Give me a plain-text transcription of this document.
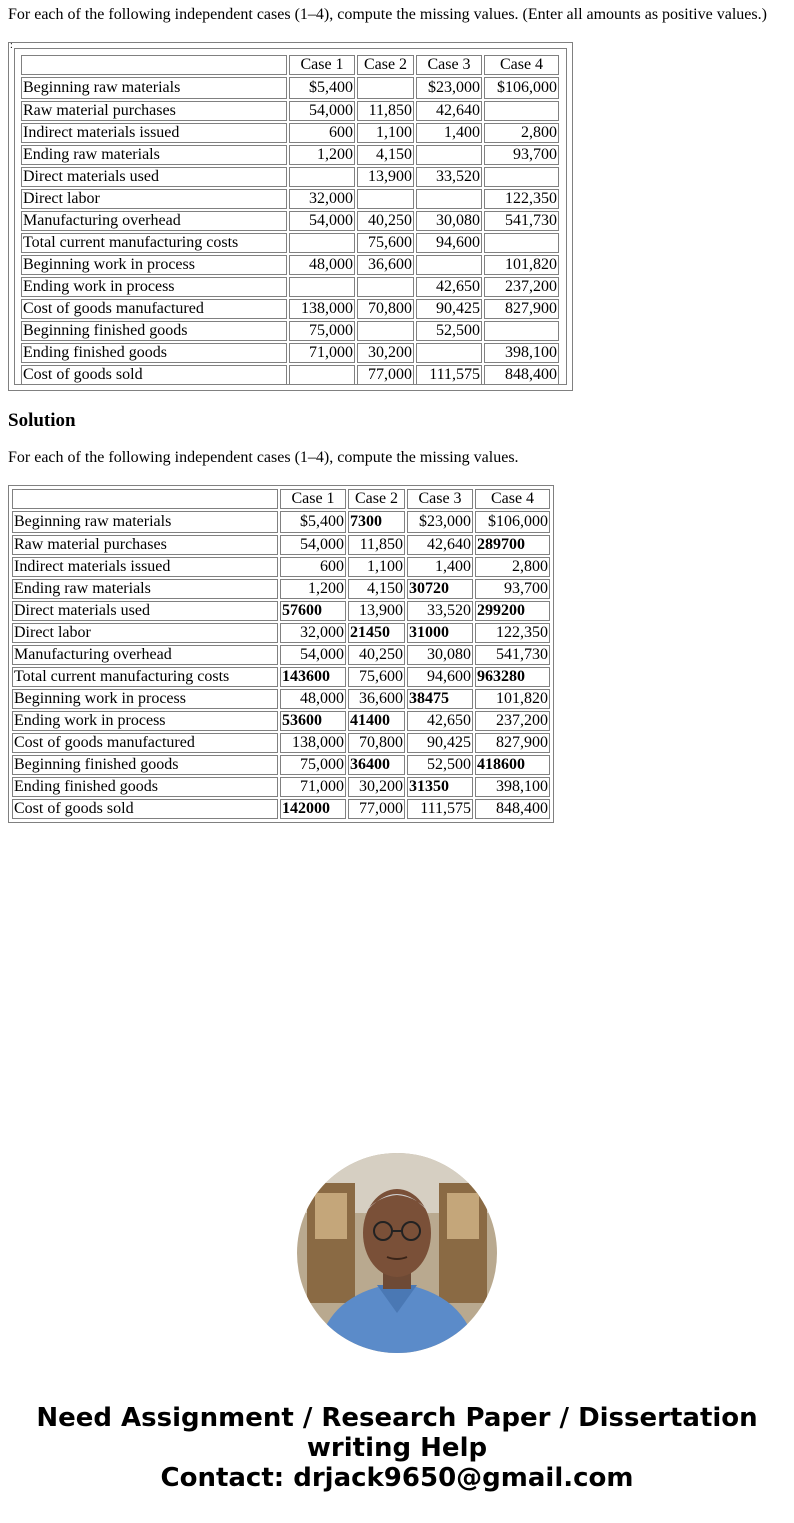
For each of the following independent cases (1–4), compute the missing values. (Enter all amounts as positive values.)
:
	Case 1	Case 2	Case 3	Case 4
Beginning raw materials	$5,400		$23,000	$106,000
Raw material purchases	54,000	11,850	42,640	
Indirect materials issued	600	1,100	1,400	2,800
Ending raw materials	1,200	4,150		93,700
Direct materials used		13,900	33,520	
Direct labor	32,000			122,350
Manufacturing overhead	54,000	40,250	30,080	541,730
Total current manufacturing costs		75,600	94,600	
Beginning work in process	48,000	36,600		101,820
Ending work in process			42,650	237,200
Cost of goods manufactured	138,000	70,800	90,425	827,900
Beginning finished goods	75,000		52,500	
Ending finished goods	71,000	30,200		398,100
Cost of goods sold		77,000	111,575	848,400
Solution
For each of the following independent cases (1–4), compute the missing values.
	Case 1	Case 2	Case 3	Case 4
Beginning raw materials	$5,400	7300	$23,000	$106,000
Raw material purchases	54,000	11,850	42,640	289700
Indirect materials issued	600	1,100	1,400	2,800
Ending raw materials	1,200	4,150	30720	93,700
Direct materials used	57600	13,900	33,520	299200
Direct labor	32,000	21450	31000	122,350
Manufacturing overhead	54,000	40,250	30,080	541,730
Total current manufacturing costs	143600	75,600	94,600	963280
Beginning work in process	48,000	36,600	38475	101,820
Ending work in process	53600	41400	42,650	237,200
Cost of goods manufactured	138,000	70,800	90,425	827,900
Beginning finished goods	75,000	36400	52,500	418600
Ending finished goods	71,000	30,200	31350	398,100
Cost of goods sold	142000	77,000	111,575	848,400
Need Assignment / Research Paper / Dissertation
writing Help
Contact: drjack9650@gmail.com
